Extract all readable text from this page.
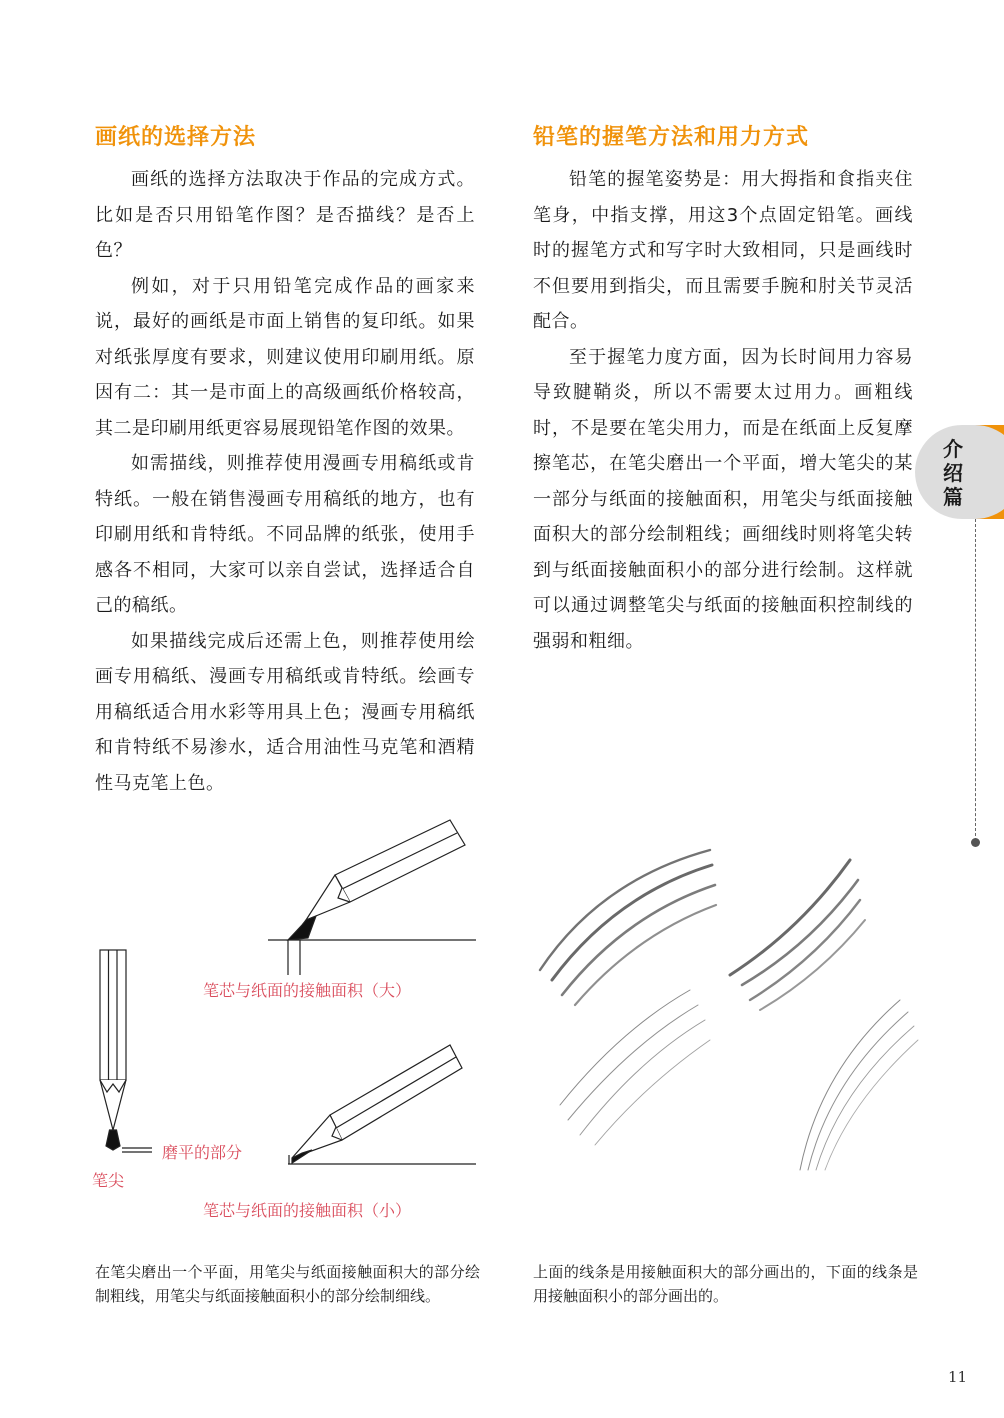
画纸的选择方法

画纸的选择方法取决于作品的完成方式。比如是否只用铅笔作图？是否描线？是否上色？

例如，对于只用铅笔完成作品的画家来说，最好的画纸是市面上销售的复印纸。如果对纸张厚度有要求，则建议使用印刷用纸。原因有二：其一是市面上的高级画纸价格较高，其二是印刷用纸更容易展现铅笔作图的效果。

如需描线，则推荐使用漫画专用稿纸或肯特纸。一般在销售漫画专用稿纸的地方，也有印刷用纸和肯特纸。不同品牌的纸张，使用手感各不相同，大家可以亲自尝试，选择适合自己的稿纸。

如果描线完成后还需上色，则推荐使用绘画专用稿纸、漫画专用稿纸或肯特纸。绘画专用稿纸适合用水彩等用具上色；漫画专用稿纸和肯特纸不易渗水，适合用油性马克笔和酒精性马克笔上色。

铅笔的握笔方法和用力方式

铅笔的握笔姿势是：用大拇指和食指夹住笔身，中指支撑，用这3个点固定铅笔。画线时的握笔方式和写字时大致相同，只是画线时不但要用到指尖，而且需要手腕和肘关节灵活配合。

至于握笔力度方面，因为长时间用力容易导致腱鞘炎，所以不需要太过用力。画粗线时，不是要在笔尖用力，而是在纸面上反复摩擦笔芯，在笔尖磨出一个平面，增大笔尖的某一部分与纸面的接触面积，用笔尖与纸面接触面积大的部分绘制粗线；画细线时则将笔尖转到与纸面接触面积小的部分进行绘制。这样就可以通过调整笔尖与纸面的接触面积控制线的强弱和粗细。

介绍篇

笔芯与纸面的接触面积（大）

磨平的部分

笔尖

笔芯与纸面的接触面积（小）

在笔尖磨出一个平面，用笔尖与纸面接触面积大的部分绘制粗线，用笔尖与纸面接触面积小的部分绘制细线。

上面的线条是用接触面积大的部分画出的，下面的线条是用接触面积小的部分画出的。

11
